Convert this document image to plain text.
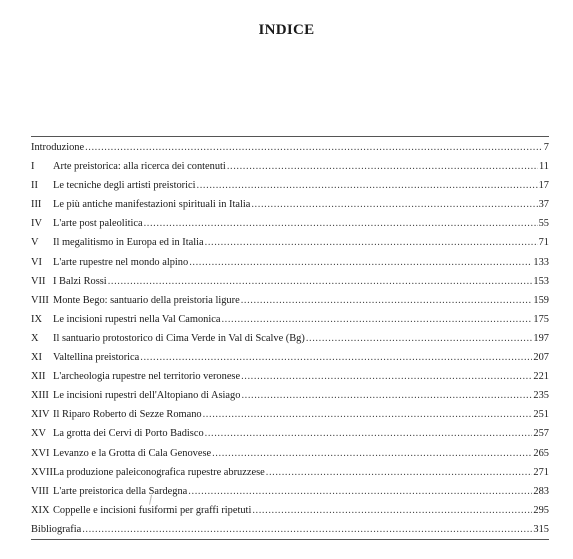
INDICE
Introduzione .....	7
I	Arte preistorica: alla ricerca dei contenuti .....	11
II	Le tecniche degli artisti preistorici .....	17
III	Le più antiche manifestazioni spirituali in Italia .....	37
IV	L'arte post paleolitica .....	55
V	Il megalitismo in Europa ed in Italia .....	71
VI	L'arte rupestre nel mondo alpino .....	133
VII I Balzi Rossi .....	153
VIII Monte Bego: santuario della preistoria ligure .....	159
IX	Le incisioni rupestri nella Val Camonica .....	175
X	Il santuario protostorico di Cima Verde in Val di Scalve (Bg) .....	197
XI	Valtellina preistorica .....	207
XII L'archeologia rupestre nel territorio veronese .....	221
XIII Le incisioni rupestri dell'Altopiano di Asiago .....	235
XIV Il Riparo Roberto di Sezze Romano .....	251
XV La grotta dei Cervi di Porto Badisco .....	257
XVI Levanzo e la Grotta di Cala Genovese .....	265
XVII La produzione paleiconografica rupestre abruzzese .....	271
VIII L'arte preistorica della Sardegna .....	283
XIX Coppelle e incisioni fusiformi per graffi ripetuti .....	295
Bibliografia .....	315
